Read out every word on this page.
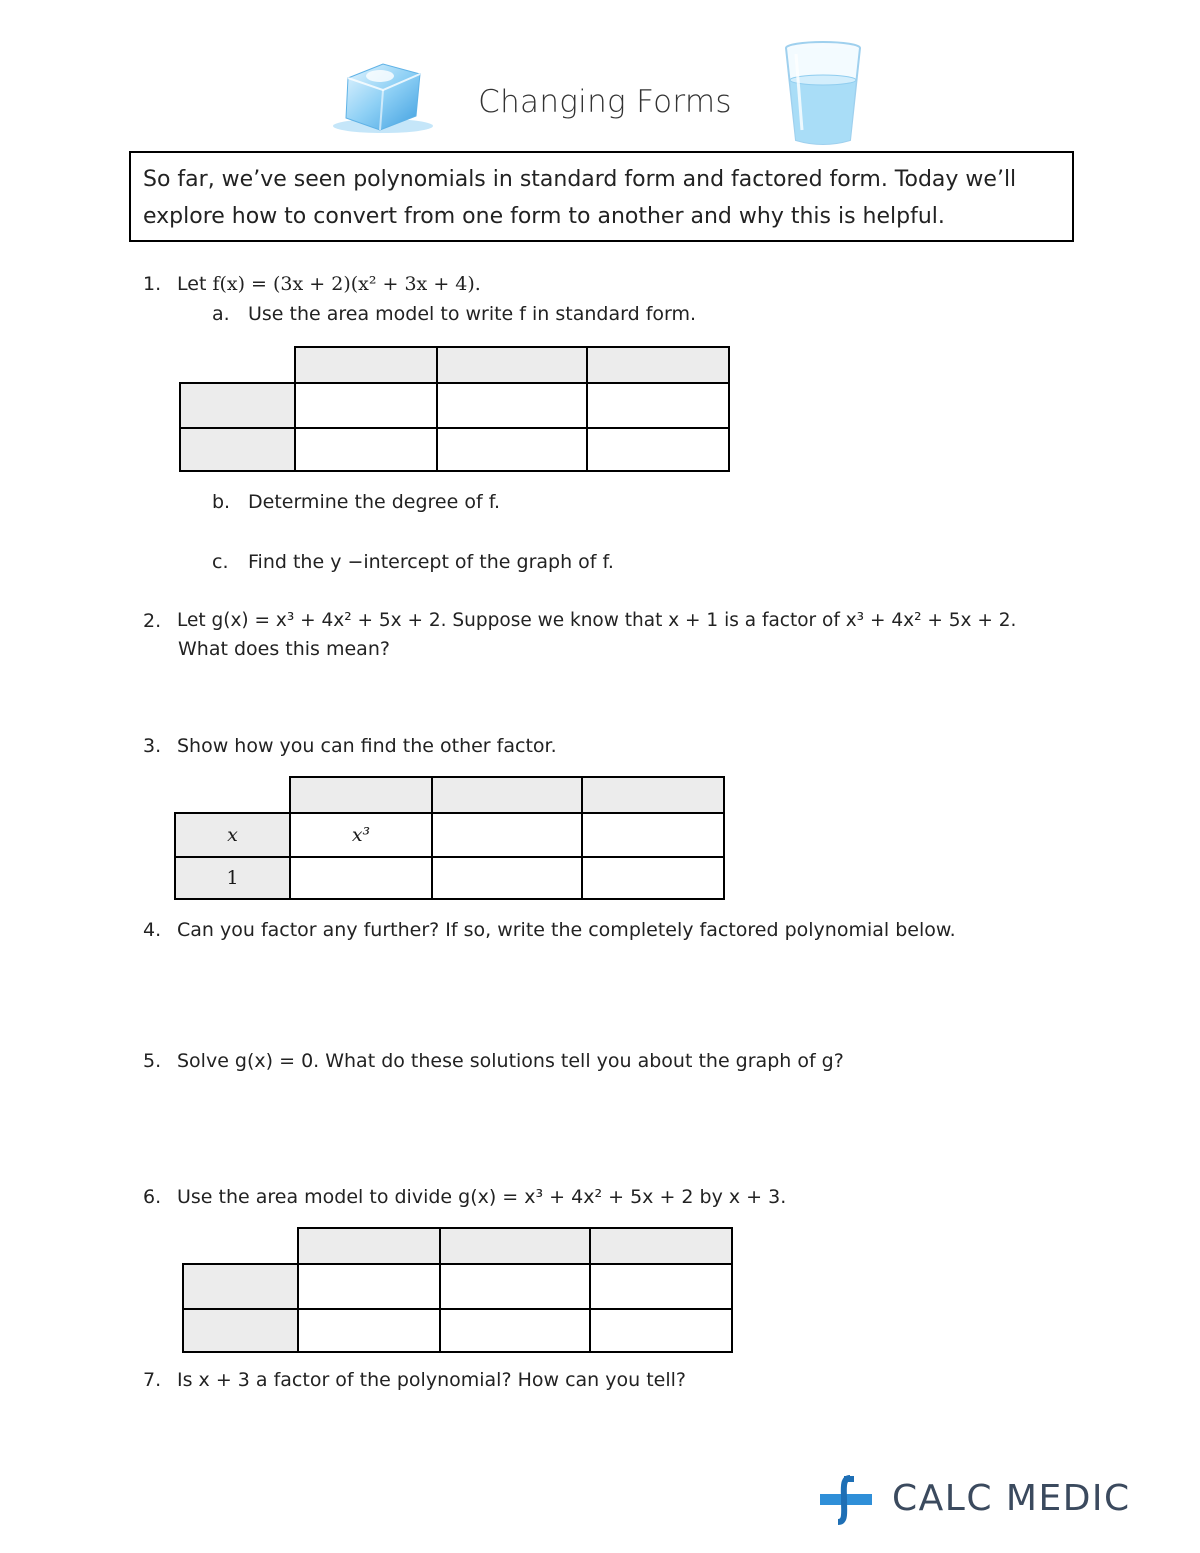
Changing Forms
So far, we’ve seen polynomials in standard form and factored form. Today we’ll explore how to convert from one form to another and why this is helpful.
1. Let f(x) = (3x + 2)(x² + 3x + 4).
a. Use the area model to write f in standard form.

b. Determine the degree of f.
c. Find the y −intercept of the graph of f.
2. Let g(x) = x³ + 4x² + 5x + 2. Suppose we know that x + 1 is a factor of x³ + 4x² + 5x + 2.
What does this mean?
3. Show how you can find the other factor.

x	x³		
1			
4. Can you factor any further? If so, write the completely factored polynomial below.
5. Solve g(x) = 0. What do these solutions tell you about the graph of g?
6. Use the area model to divide g(x) = x³ + 4x² + 5x + 2 by x + 3.

7. Is x + 3 a factor of the polynomial? How can you tell?
CALC MEDIC
